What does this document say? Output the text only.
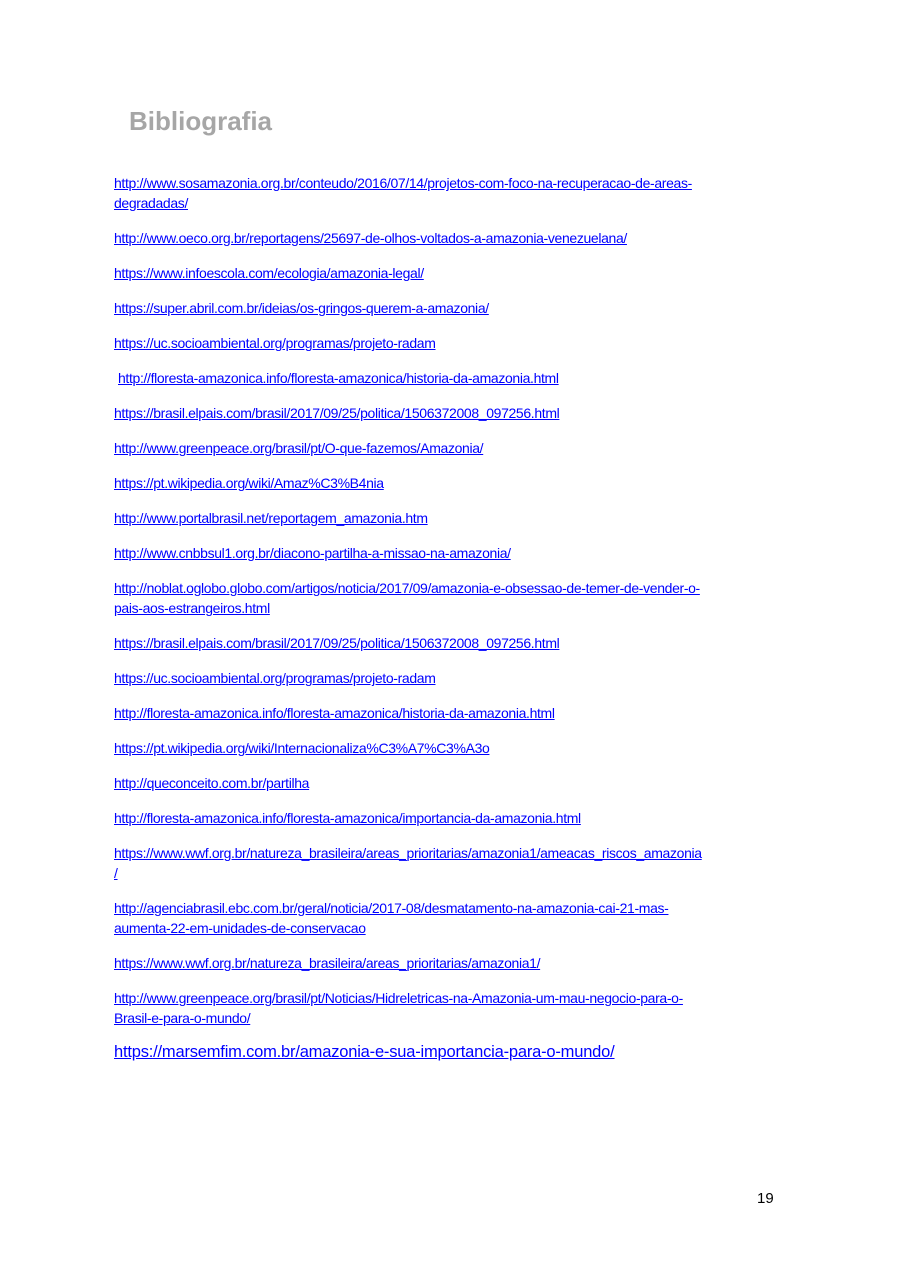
Bibliografia
http://www.sosamazonia.org.br/conteudo/2016/07/14/projetos-com-foco-na-recuperacao-de-areas-
degradadas/
http://www.oeco.org.br/reportagens/25697-de-olhos-voltados-a-amazonia-venezuelana/
https://www.infoescola.com/ecologia/amazonia-legal/
https://super.abril.com.br/ideias/os-gringos-querem-a-amazonia/
https://uc.socioambiental.org/programas/projeto-radam
http://floresta-amazonica.info/floresta-amazonica/historia-da-amazonia.html
https://brasil.elpais.com/brasil/2017/09/25/politica/1506372008_097256.html
http://www.greenpeace.org/brasil/pt/O-que-fazemos/Amazonia/
https://pt.wikipedia.org/wiki/Amaz%C3%B4nia
http://www.portalbrasil.net/reportagem_amazonia.htm
http://www.cnbbsul1.org.br/diacono-partilha-a-missao-na-amazonia/
http://noblat.oglobo.globo.com/artigos/noticia/2017/09/amazonia-e-obsessao-de-temer-de-vender-o-
pais-aos-estrangeiros.html
https://brasil.elpais.com/brasil/2017/09/25/politica/1506372008_097256.html
https://uc.socioambiental.org/programas/projeto-radam
http://floresta-amazonica.info/floresta-amazonica/historia-da-amazonia.html
https://pt.wikipedia.org/wiki/Internacionaliza%C3%A7%C3%A3o
http://queconceito.com.br/partilha
http://floresta-amazonica.info/floresta-amazonica/importancia-da-amazonia.html
https://www.wwf.org.br/natureza_brasileira/areas_prioritarias/amazonia1/ameacas_riscos_amazonia
/
http://agenciabrasil.ebc.com.br/geral/noticia/2017-08/desmatamento-na-amazonia-cai-21-mas-
aumenta-22-em-unidades-de-conservacao
https://www.wwf.org.br/natureza_brasileira/areas_prioritarias/amazonia1/
http://www.greenpeace.org/brasil/pt/Noticias/Hidreletricas-na-Amazonia-um-mau-negocio-para-o-
Brasil-e-para-o-mundo/
https://marsemfim.com.br/amazonia-e-sua-importancia-para-o-mundo/
19
